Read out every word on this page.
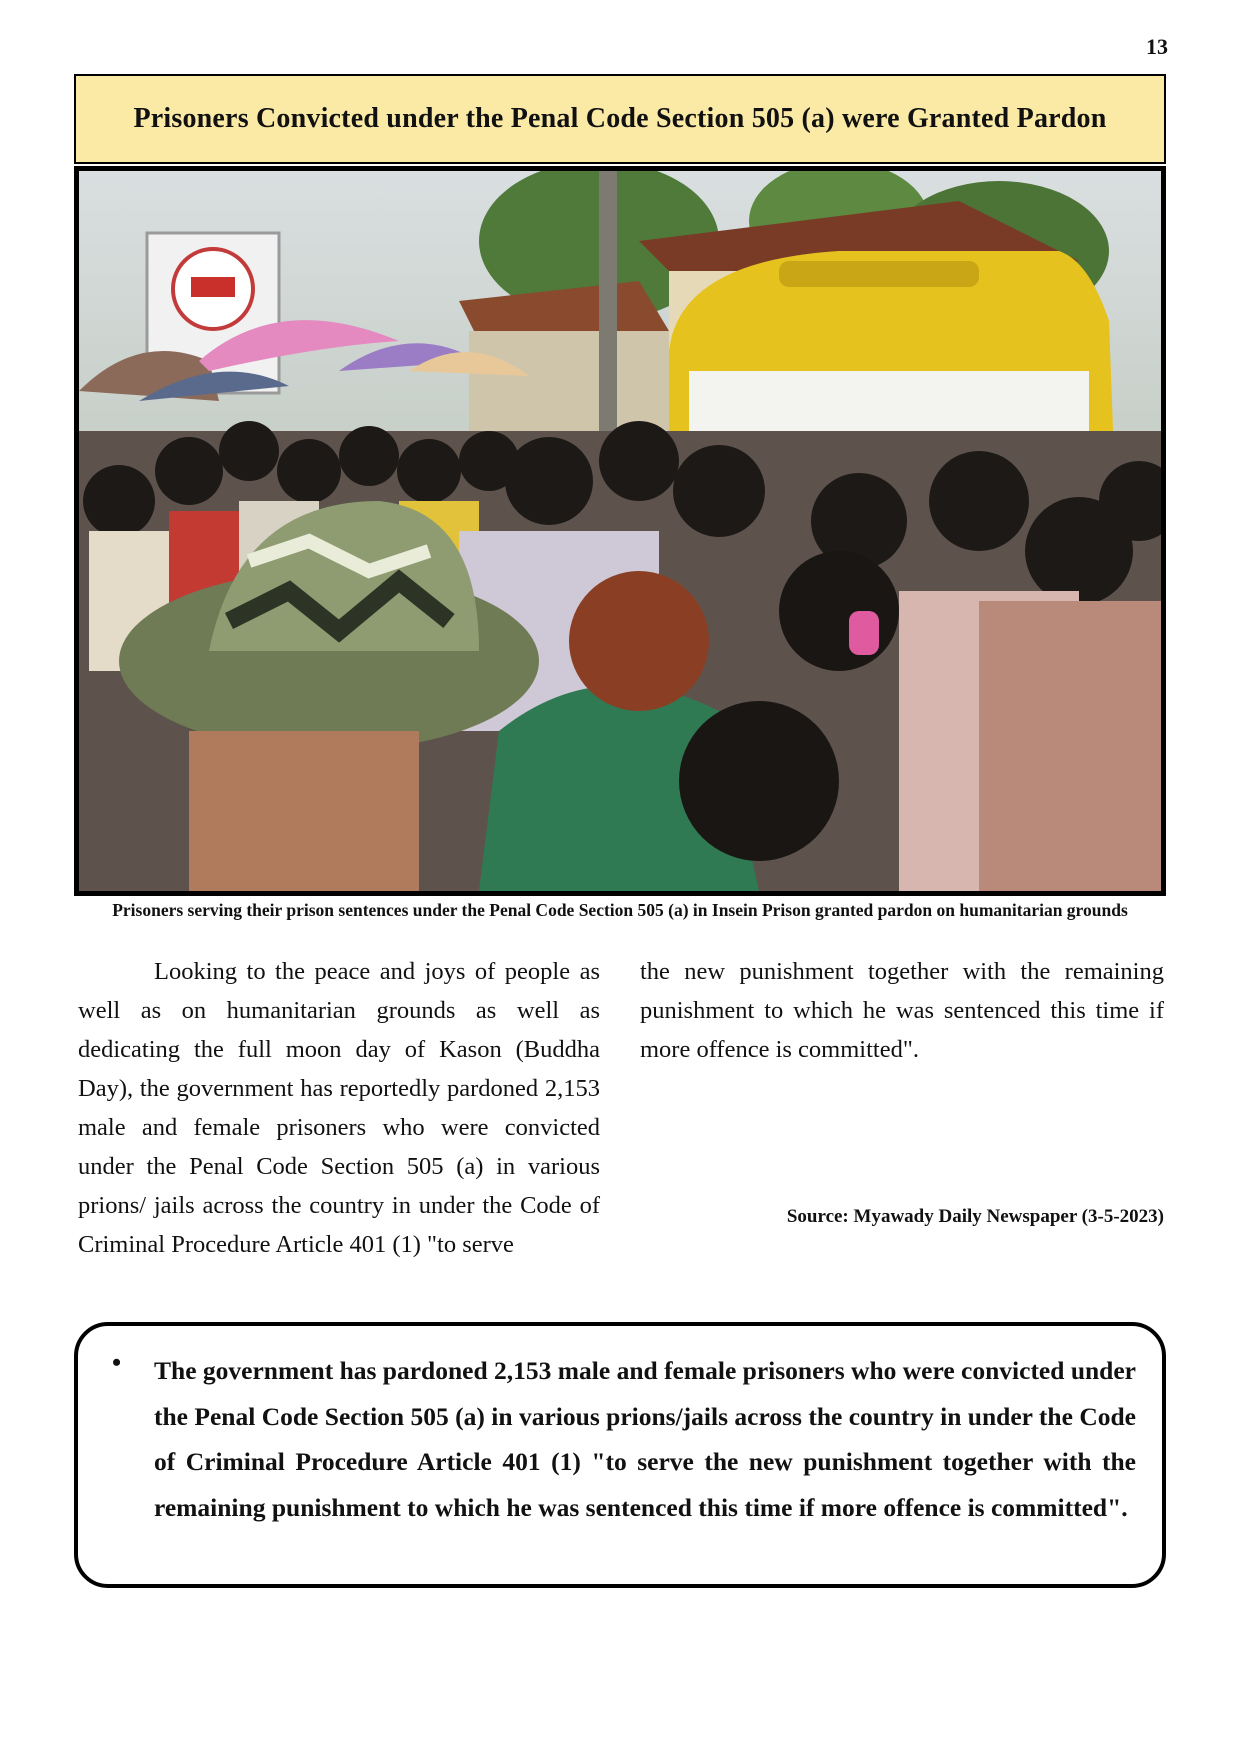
13
Prisoners Convicted under the Penal Code Section 505 (a) were Granted Pardon
Prisoners serving their prison sentences under the Penal Code Section 505 (a) in Insein Prison granted pardon on humanitarian grounds
Looking to the peace and joys of people as well as on humanitarian grounds as well as dedicating the full moon day of Kason (Buddha Day), the government has reportedly pardoned 2,153 male and female prisoners who were convicted under the Penal Code Section 505 (a) in various prions/ jails across the country in under the Code of Criminal Procedure Article 401 (1) "to serve
the new punishment together with the remaining punishment to which he was sentenced this time if more offence is committed".
Source: Myawady Daily Newspaper (3-5-2023)
•	The government has pardoned 2,153 male and female prisoners who were convicted under the Penal Code Section 505 (a) in various prions/jails across the country in under the Code of Criminal Procedure Article 401 (1) "to serve the new punishment together with the remaining punishment to which he was sentenced this time if more offence is committed".
